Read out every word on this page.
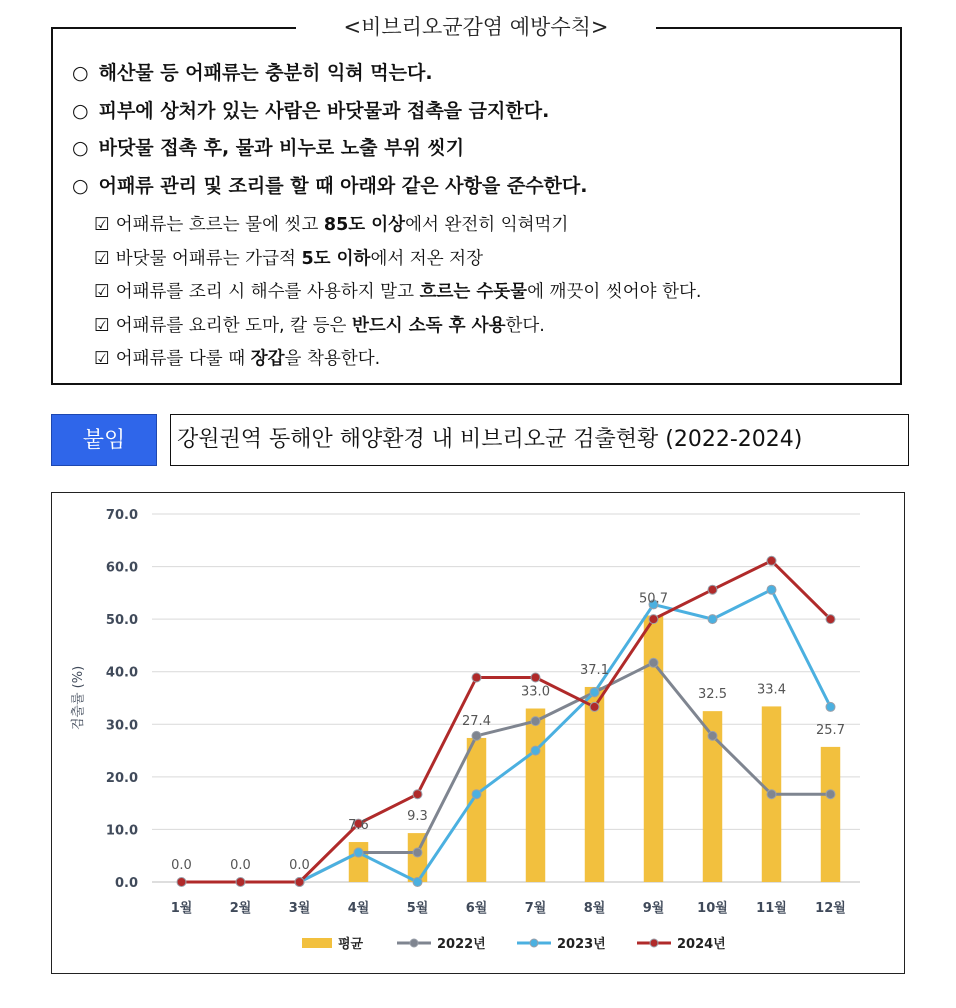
<비브리오균감염 예방수칙>
○ 해산물 등 어패류는 충분히 익혀 먹는다.
○ 피부에 상처가 있는 사람은 바닷물과 접촉을 금지한다.
○ 바닷물 접촉 후, 물과 비누로 노출 부위 씻기
○ 어패류 관리 및 조리를 할 때 아래와 같은 사항을 준수한다.
☑ 어패류는 흐르는 물에 씻고 85도 이상에서 완전히 익혀먹기
☑ 바닷물 어패류는 가급적 5도 이하에서 저온 저장
☑ 어패류를 조리 시 해수를 사용하지 말고 흐르는 수돗물에 깨끗이 씻어야 한다.
☑ 어패류를 요리한 도마, 칼 등은 반드시 소독 후 사용한다.
☑ 어패류를 다룰 때 장갑을 착용한다.
붙임	강원권역 동해안 해양환경 내 비브리오균 검출현황 (2022-2024)
0.0
10.0
20.0
30.0
40.0
50.0
60.0
70.0
검출률 (%)
1월	2월	3월	4월	5월	6월	7월	8월	9월	10월 11월 12월
0.0	0.0	0.0
7.6
9.3
27.4
33.0
37.1
50.7
32.5 33.4
25.7
평균	2022년	2023년	2024년
